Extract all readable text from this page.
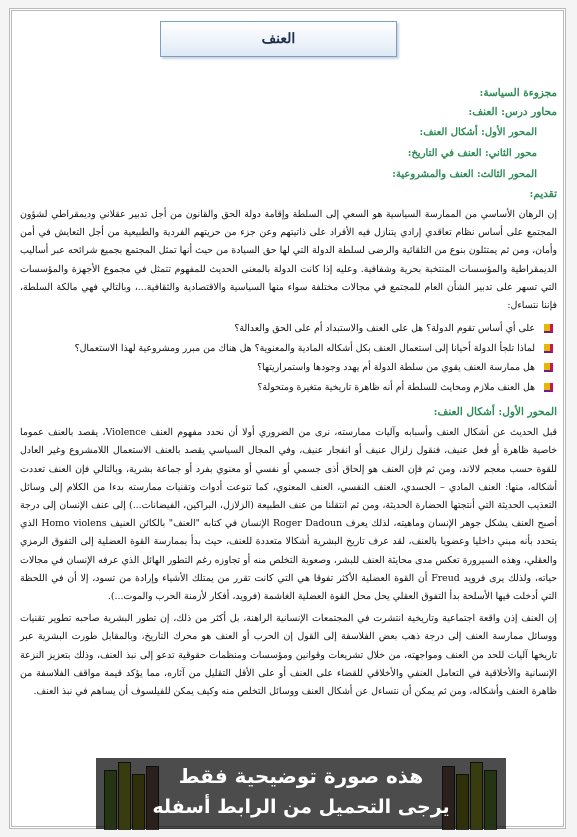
العنف
مجزوءة السياسة:
محاور درس: العنف:
المحور الأول: أشكال العنف:
محور الثاني: العنف في التاريخ:
المحور الثالث: العنف والمشروعية:
تقديم:

إن الرهان الأساسي من الممارسة السياسية هو السعي إلى السلطة وإقامة دولة الحق والقانون من أجل تدبير عقلاني وديمقراطي لشؤون المجتمع على أساس نظام تعاقدي إرادي يتنازل فيه الأفراد على ذاتيتهم وعن جزء من حريتهم الفردية والطبيعية من أجل التعايش في أمن وأمان، ومن ثم يمتثلون بنوع من التلقائية والرضى لسلطة الدولة التي لها حق السيادة من حيث أنها تمثل المجتمع بجميع شرائحه عبر أساليب الديمقراطية والمؤسسات المنتخبة بحرية وشفافية. وعليه إذا كانت الدولة بالمعنى الحديث للمفهوم تتمثل في مجموع الأجهزة والمؤسسات التي تسهر على تدبير الشأن العام للمجتمع في مجالات مختلفة سواء منها السياسية والاقتصادية والثقافية...، وبالتالي فهي مالكة السلطة، فإننا نتساءل:

على أي أساس تقوم الدولة؟ هل على العنف والاستبداد أم على الحق والعدالة؟
لماذا تلجأ الدولة أحيانا إلى استعمال العنف بكل أشكاله المادية والمعنوية؟ هل هناك من مبرر ومشروعية لهذا الاستعمال؟
هل ممارسة العنف يقوي من سلطة الدولة أم يهدد وجودها واستمراريتها؟
هل العنف ملازم ومحايث للسلطة أم أنه ظاهرة تاريخية متغيرة ومتحولة؟
المحور الأول: أشكال العنف:

قبل الحديث عن أشكال العنف وأسبابه وآليات ممارسته، نرى من الضروري أولا أن نحدد مفهوم العنف Violence، يقصد بالعنف عموما خاصية ظاهرة أو فعل عنيف، فنقول زلزال عنيف أو انفجار عنيف، وفي المجال السياسي يقصد بالعنف الاستعمال اللامشروع وغير العادل للقوة حسب معجم لالاند، ومن ثم فإن العنف هو إلحاق أذى جسمي أو نفسي أو معنوي بفرد أو جماعة بشرية، وبالتالي فإن العنف تعددت أشكاله، منها: العنف المادي – الجسدي، العنف النفسي، العنف المعنوي، كما تنوعت أدوات وتقنيات ممارسته بدءا من الكلام إلى وسائل التعذيب الحديثة التي أنتجتها الحضارة الحديثة، ومن ثم انتقلنا من عنف الطبيعة (الزلازل، البراكين، الفيضانات...) إلى عنف الإنسان إلى درجة أصبح العنف يشكل جوهر الإنسان وماهيته، لذلك يعرف Roger Dadoun الإنسان في كتابه "العنف" بالكائن العنيف Homo violens الذي يتحدد بأنه مبني داخليا وعضويا بالعنف، لقد عرف تاريخ البشرية أشكالا متعددة للعنف، حيث بدأ بممارسة القوة العضلية إلى التفوق الرمزي والعقلي، وهذه السيرورة تعكس مدى محايثة العنف للبشر، وصعوبة التخلص منه أو تجاوزه رغم التطور الهائل الذي عرفه الإنسان في مجالات حياته، ولذلك يرى فرويد Freud أن القوة العضلية الأكثر تفوقا هي التي كانت تقرر من يمتلك الأشياء وإرادة من تسود، إلا أن في اللحظة التي أدخلت فيها الأسلحة بدأ التفوق العقلي يحل محل القوة العضلية الغاشمة (فرويد، أفكار لأزمنة الحرب والموت...).

إن العنف إذن واقعة اجتماعية وتاريخية انتشرت في المجتمعات الإنسانية الراهنة، بل أكثر من ذلك، إن تطور البشرية صاحبه تطوير تقنيات ووسائل ممارسة العنف إلى درجة ذهب بعض الفلاسفة إلى القول إن الحرب أو العنف هو محرك التاريخ، وبالمقابل طورت البشرية عبر تاريخها آليات للحد من العنف ومواجهته، من خلال تشريعات وقوانين ومؤسسات ومنظمات حقوقية تدعو إلى نبذ العنف، وذلك بتعزيز النزعة الإنسانية والأخلاقية في التعامل العنفي والأخلاقي للقضاء على العنف أو على الأقل التقليل من آثاره، مما يؤكد قيمة مواقف الفلاسفة من ظاهرة العنف وأشكاله، ومن ثم يمكن أن نتساءل عن أشكال العنف ووسائل التخلص منه وكيف يمكن للفيلسوف أن يساهم في نبذ العنف.

هذه صورة توضيحية فقط
يرجى التحميل من الرابط أسفله
